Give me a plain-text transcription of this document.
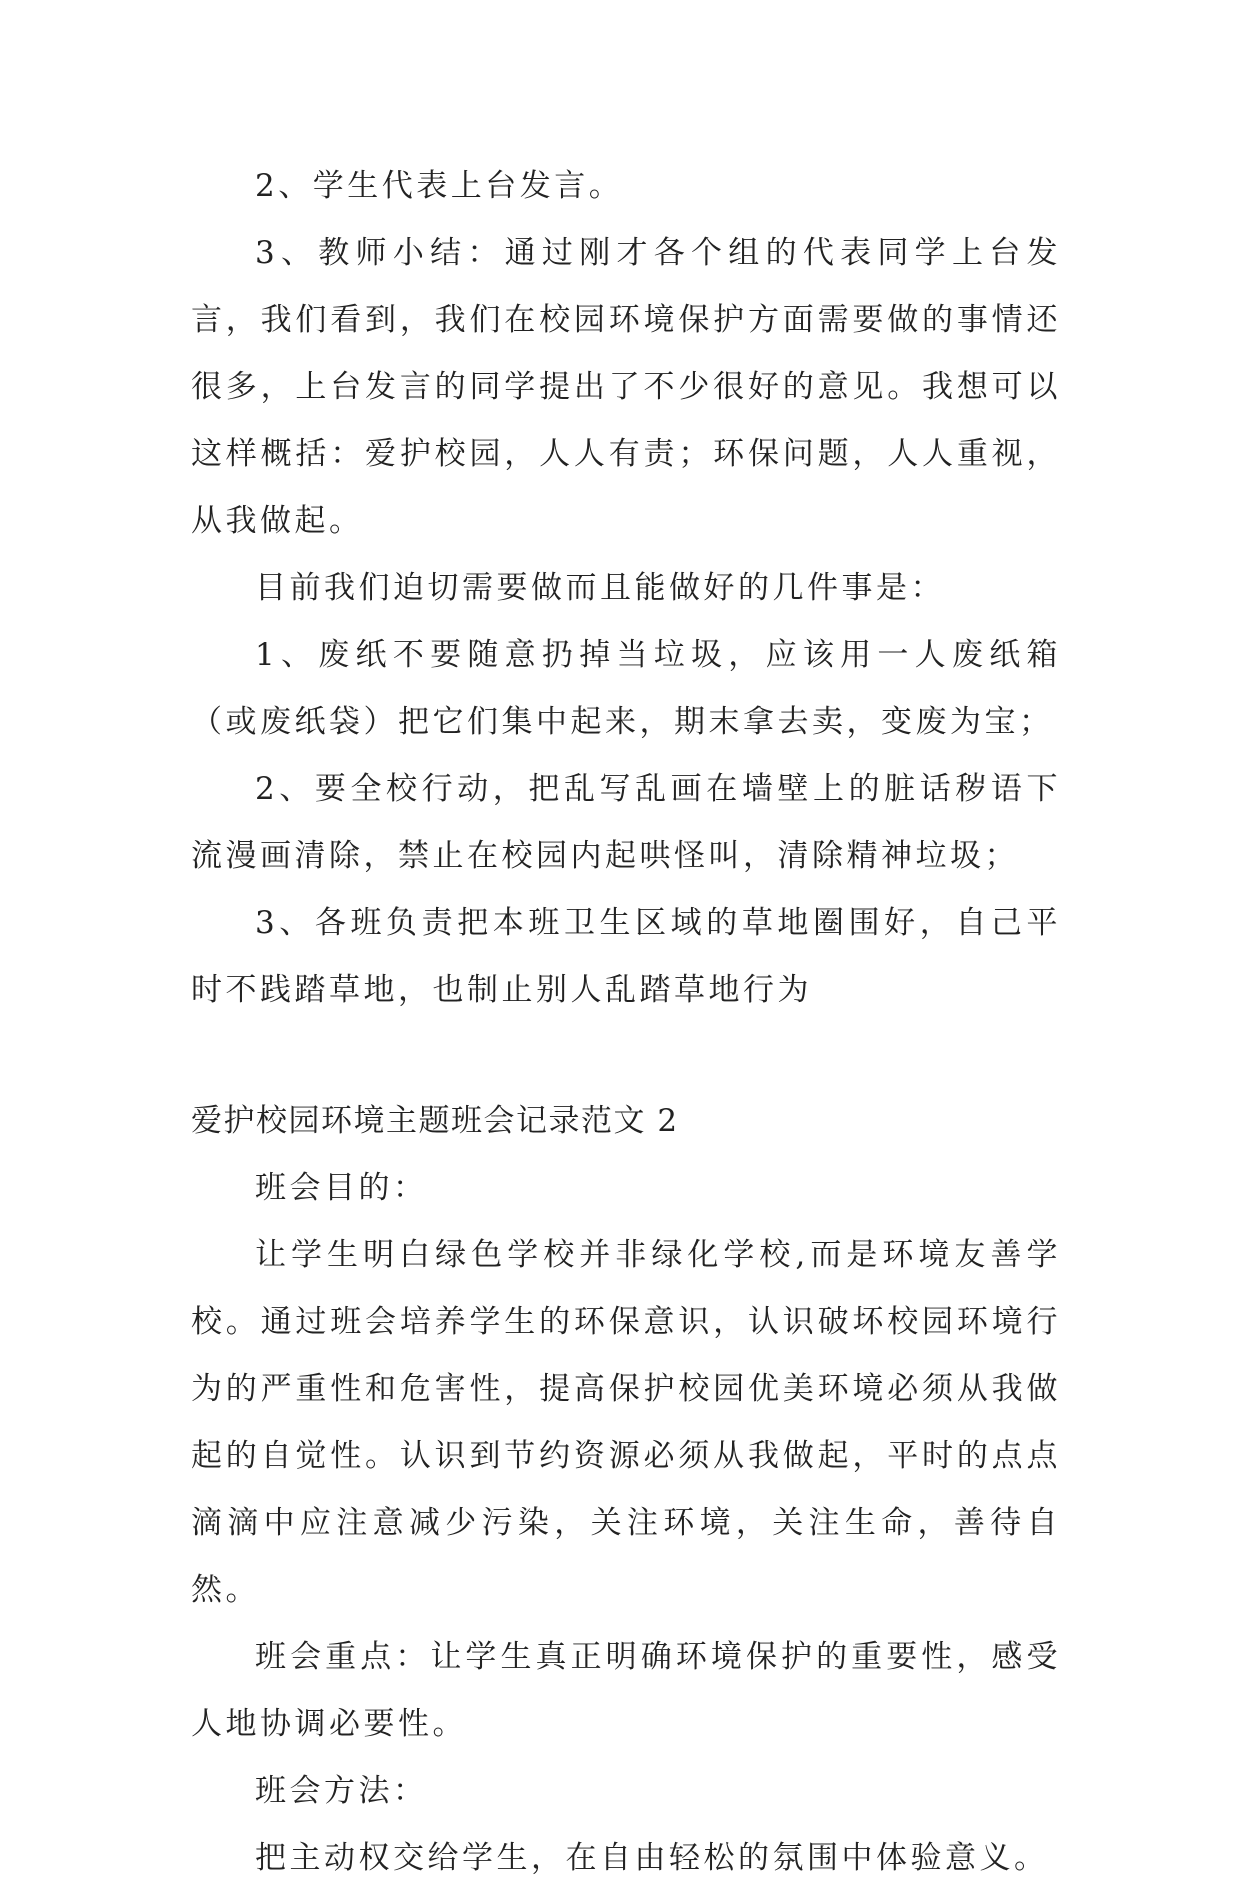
2、学生代表上台发言。

3、教师小结：通过刚才各个组的代表同学上台发言，我们看到，我们在校园环境保护方面需要做的事情还很多，上台发言的同学提出了不少很好的意见。我想可以这样概括：爱护校园，人人有责；环保问题，人人重视，从我做起。

目前我们迫切需要做而且能做好的几件事是：

1、废纸不要随意扔掉当垃圾，应该用一人废纸箱（或废纸袋）把它们集中起来，期末拿去卖，变废为宝；

2、要全校行动，把乱写乱画在墙壁上的脏话秽语下流漫画清除，禁止在校园内起哄怪叫，清除精神垃圾；

3、各班负责把本班卫生区域的草地圈围好，自己平时不践踏草地，也制止别人乱踏草地行为

爱护校园环境主题班会记录范文 2

班会目的：

让学生明白绿色学校并非绿化学校,而是环境友善学校。通过班会培养学生的环保意识，认识破坏校园环境行为的严重性和危害性，提高保护校园优美环境必须从我做起的自觉性。认识到节约资源必须从我做起，平时的点点滴滴中应注意减少污染，关注环境，关注生命，善待自然。

班会重点：让学生真正明确环境保护的重要性，感受人地协调必要性。

班会方法：

把主动权交给学生，在自由轻松的氛围中体验意义。
